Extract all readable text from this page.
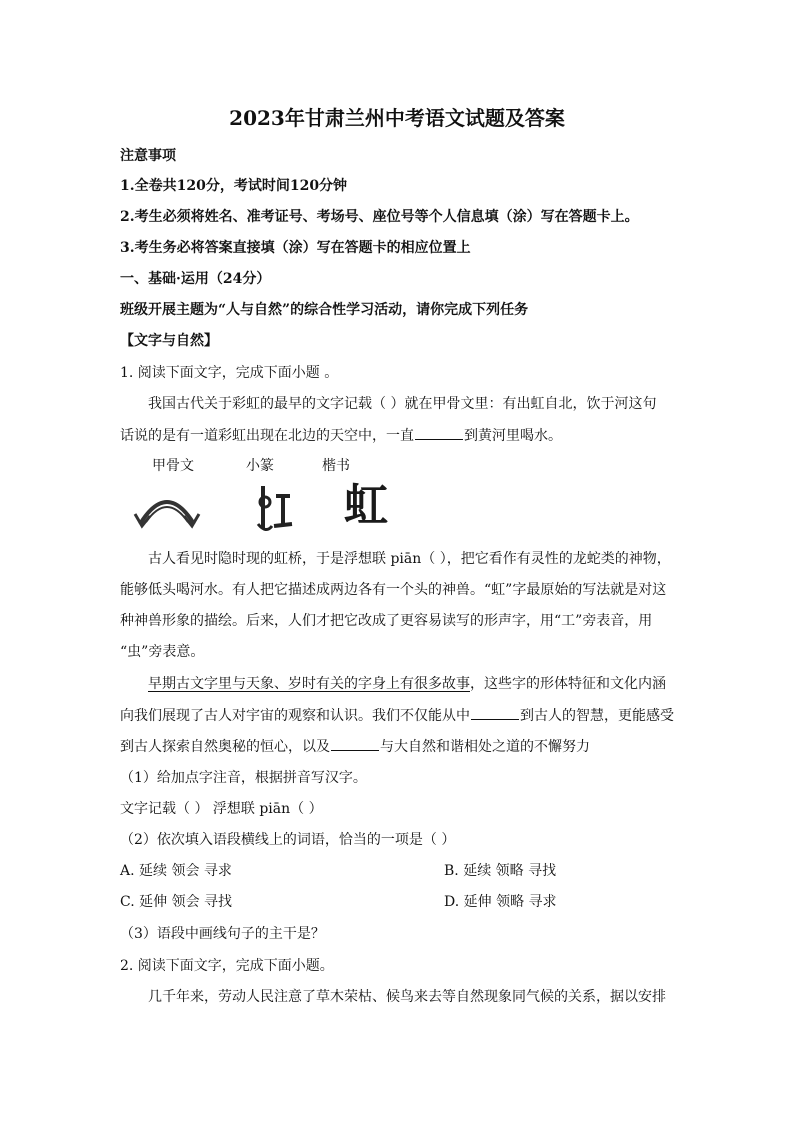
2023年甘肃兰州中考语文试题及答案
注意事项
1.全卷共120分，考试时间120分钟
2.考生必须将姓名、准考证号、考场号、座位号等个人信息填（涂）写在答题卡上。
3.考生务必将答案直接填（涂）写在答题卡的相应位置上
一、基础·运用（24分）
班级开展主题为“人与自然”的综合性学习活动，请你完成下列任务
【文字与自然】
1. 阅读下面文字，完成下面小题 。
我国古代关于彩虹的最早的文字记载（ ）就在甲骨文里：有出虹自北，饮于河这句
话说的是有一道彩虹出现在北边的天空中，一直	到黄河里喝水。
甲骨文	小篆	楷书
虹
古人看见时隐时现的虹桥，于是浮想联 piān（ ），把它看作有灵性的龙蛇类的神物，
能够低头喝河水。有人把它描述成两边各有一个头的神兽。“虹”字最原始的写法就是对这
种神兽形象的描绘。后来，人们才把它改成了更容易读写的形声字，用“工”旁表音，用
“虫”旁表意。
早期古文字里与天象、岁时有关的字身上有很多故事，这些字的形体特征和文化内涵
向我们展现了古人对宇宙的观察和认识。我们不仅能从中	到古人的智慧，更能感受
到古人探索自然奥秘的恒心，以及	与大自然和谐相处之道的不懈努力
（1）给加点字注音，根据拼音写汉字。
文字记载（ ） 浮想联 piān（ ）
（2）依次填入语段横线上的词语，恰当的一项是（ ）
A. 延续 领会 寻求	B. 延续 领略 寻找
C. 延伸 领会 寻找	D. 延伸 领略 寻求
（3）语段中画线句子的主干是？
2. 阅读下面文字，完成下面小题。
几千年来，劳动人民注意了草木荣枯、候鸟来去等自然现象同气候的关系，据以安排
